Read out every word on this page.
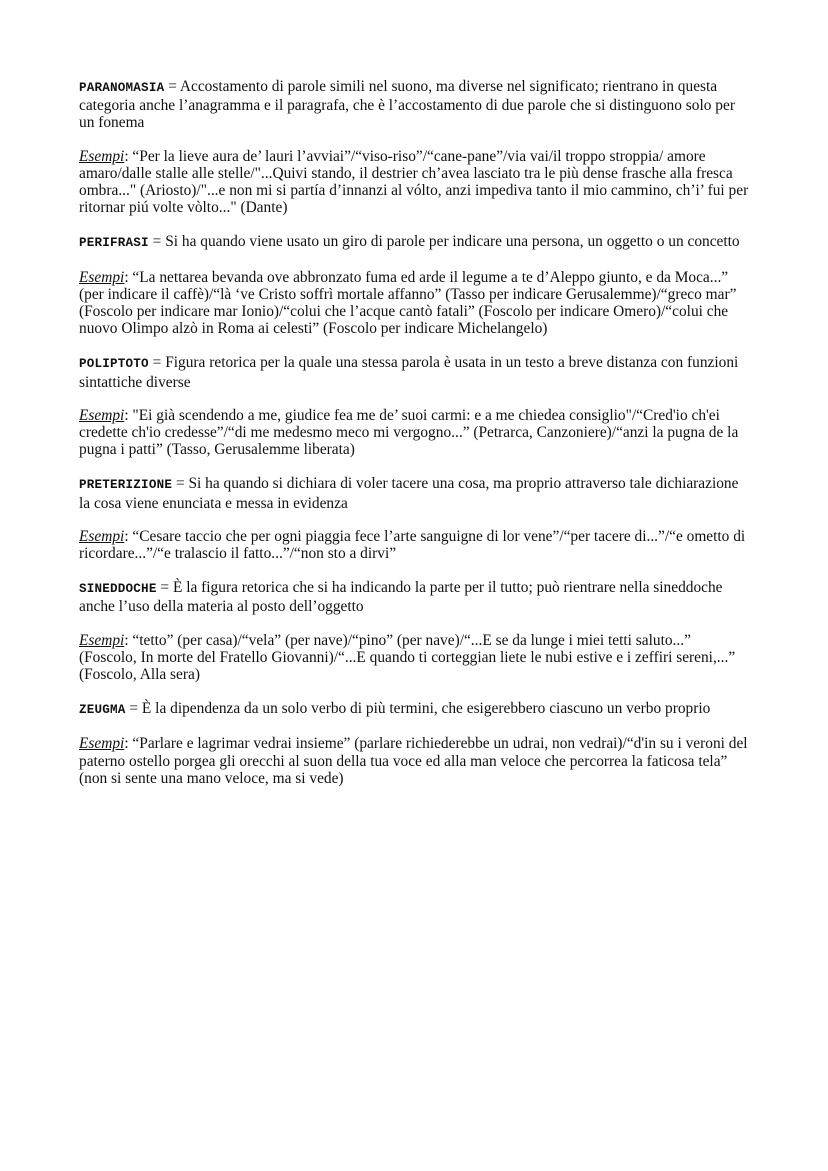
PARANOMASIA = Accostamento di parole simili nel suono, ma diverse nel significato; rientrano in questa categoria anche l’anagramma e il paragrafa, che è l’accostamento di due parole che si distinguono solo per un fonema

Esempi: “Per la lieve aura de’ lauri l’avviai”/“viso-riso”/“cane-pane”/via vai/il troppo stroppia/ amore amaro/dalle stalle alle stelle/"...Quivi stando, il destrier ch’avea lasciato tra le più dense frasche alla fresca ombra..." (Ariosto)/"...e non mi si partía d’innanzi al vólto, anzi impediva tanto il mio cammino, ch’i’ fui per ritornar piú volte vòlto..." (Dante)

PERIFRASI = Si ha quando viene usato un giro di parole per indicare una persona, un oggetto o un concetto

Esempi: “La nettarea bevanda ove abbronzato fuma ed arde il legume a te d’Aleppo giunto, e da Moca...” (per indicare il caffè)/“là ‘ve Cristo soffrì mortale affanno” (Tasso per indicare Gerusalemme)/“greco mar” (Foscolo per indicare mar Ionio)/“colui che l’acque cantò fatali” (Foscolo per indicare Omero)/“colui che nuovo Olimpo alzò in Roma ai celesti” (Foscolo per indicare Michelangelo)

POLIPTOTO = Figura retorica per la quale una stessa parola è usata in un testo a breve distanza con funzioni sintattiche diverse

Esempi: "Ei già scendendo a me, giudice fea me de’ suoi carmi: e a me chiedea consiglio"/“Cred'io ch'ei credette ch'io credesse”/“di me medesmo meco mi vergogno...” (Petrarca, Canzoniere)/“anzi la pugna de la pugna i patti” (Tasso, Gerusalemme liberata)

PRETERIZIONE = Si ha quando si dichiara di voler tacere una cosa, ma proprio attraverso tale dichiarazione la cosa viene enunciata e messa in evidenza

Esempi: “Cesare taccio che per ogni piaggia fece l’arte sanguigne di lor vene”/“per tacere di...”/“e ometto di ricordare...”/“e tralascio il fatto...”/“non sto a dirvi”

SINEDDOCHE = È la figura retorica che si ha indicando la parte per il tutto; può rientrare nella sineddoche anche l’uso della materia al posto dell’oggetto

Esempi: “tetto” (per casa)/“vela” (per nave)/“pino” (per nave)/“...E se da lunge i miei tetti saluto...” (Foscolo, In morte del Fratello Giovanni)/“...E quando ti corteggian liete le nubi estive e i zeffiri sereni,...” (Foscolo, Alla sera)

ZEUGMA = È la dipendenza da un solo verbo di più termini, che esigerebbero ciascuno un verbo proprio

Esempi: “Parlare e lagrimar vedrai insieme” (parlare richiederebbe un udrai, non vedrai)/“d'in su i veroni del paterno ostello porgea gli orecchi al suon della tua voce ed alla man veloce che percorrea la faticosa tela” (non si sente una mano veloce, ma si vede)
